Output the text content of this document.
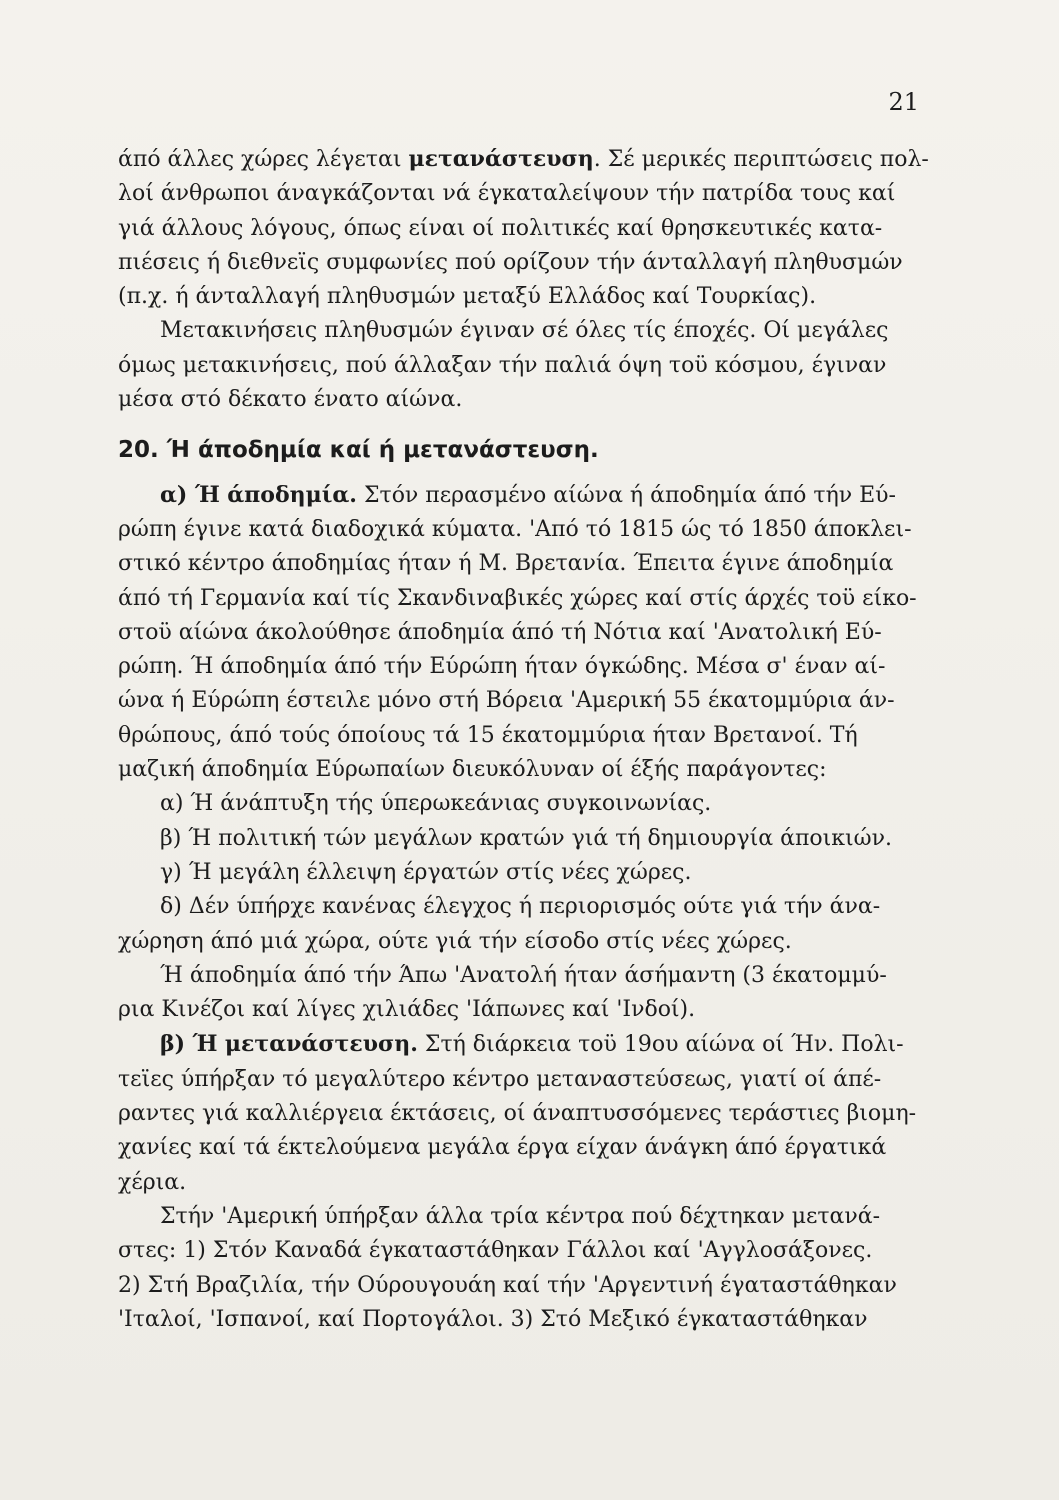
21
άπό άλλες χώρες λέγεται μετανάστευση. Σέ μερικές περιπτώσεις πολ-
λοί άνθρωποι άναγκάζονται νά έγκαταλείψουν τήν πατρίδα τους καί
γιά άλλους λόγους, όπως είναι οί πολιτικές καί θρησκευτικές κατα-
πιέσεις ή διεθνεϊς συμφωνίες πού ορίζουν τήν άνταλλαγή πληθυσμών
(π.χ. ή άνταλλαγή πληθυσμών μεταξύ Ελλάδος καί Τουρκίας).
Μετακινήσεις πληθυσμών έγιναν σέ όλες τίς έποχές. Οί μεγάλες
όμως μετακινήσεις, πού άλλαξαν τήν παλιά όψη τοϋ κόσμου, έγιναν
μέσα στό δέκατο ένατο αίώνα.
20. Ή άποδημία καί ή μετανάστευση.
α) Ή άποδημία. Στόν περασμένο αίώνα ή άποδημία άπό τήν Εύ-
ρώπη έγινε κατά διαδοχικά κύματα. 'Από τό 1815 ώς τό 1850 άποκλει-
στικό κέντρο άποδημίας ήταν ή Μ. Βρετανία. Έπειτα έγινε άποδημία
άπό τή Γερμανία καί τίς Σκανδιναβικές χώρες καί στίς άρχές τοϋ είκο-
στοϋ αίώνα άκολούθησε άποδημία άπό τή Νότια καί 'Ανατολική Εύ-
ρώπη. Ή άποδημία άπό τήν Εύρώπη ήταν όγκώδης. Μέσα σ' έναν αί-
ώνα ή Εύρώπη έστειλε μόνο στή Βόρεια 'Αμερική 55 έκατομμύρια άν-
θρώπους, άπό τούς όποίους τά 15 έκατομμύρια ήταν Βρετανοί. Τή
μαζική άποδημία Εύρωπαίων διευκόλυναν οί έξής παράγοντες:
α) Ή άνάπτυξη τής ύπερωκεάνιας συγκοινωνίας.
β) Ή πολιτική τών μεγάλων κρατών γιά τή δημιουργία άποικιών.
γ) Ή μεγάλη έλλειψη έργατών στίς νέες χώρες.
δ) Δέν ύπήρχε κανένας έλεγχος ή περιορισμός ούτε γιά τήν άνα-
χώρηση άπό μιά χώρα, ούτε γιά τήν είσοδο στίς νέες χώρες.
Ή άποδημία άπό τήν Άπω 'Ανατολή ήταν άσήμαντη (3 έκατομμύ-
ρια Κινέζοι καί λίγες χιλιάδες 'Ιάπωνες καί 'Ινδοί).
β) Ή μετανάστευση. Στή διάρκεια τοϋ 19ου αίώνα οί Ήν. Πολι-
τεϊες ύπήρξαν τό μεγαλύτερο κέντρο μεταναστεύσεως, γιατί οί άπέ-
ραντες γιά καλλιέργεια έκτάσεις, οί άναπτυσσόμενες τεράστιες βιομη-
χανίες καί τά έκτελούμενα μεγάλα έργα είχαν άνάγκη άπό έργατικά
χέρια.
Στήν 'Αμερική ύπήρξαν άλλα τρία κέντρα πού δέχτηκαν μετανά-
στες: 1) Στόν Καναδά έγκαταστάθηκαν Γάλλοι καί 'Αγγλοσάξονες.
2) Στή Βραζιλία, τήν Ούρουγουάη καί τήν 'Αργεντινή έγαταστάθηκαν
'Ιταλοί, 'Ισπανοί, καί Πορτογάλοι. 3) Στό Μεξικό έγκαταστάθηκαν
